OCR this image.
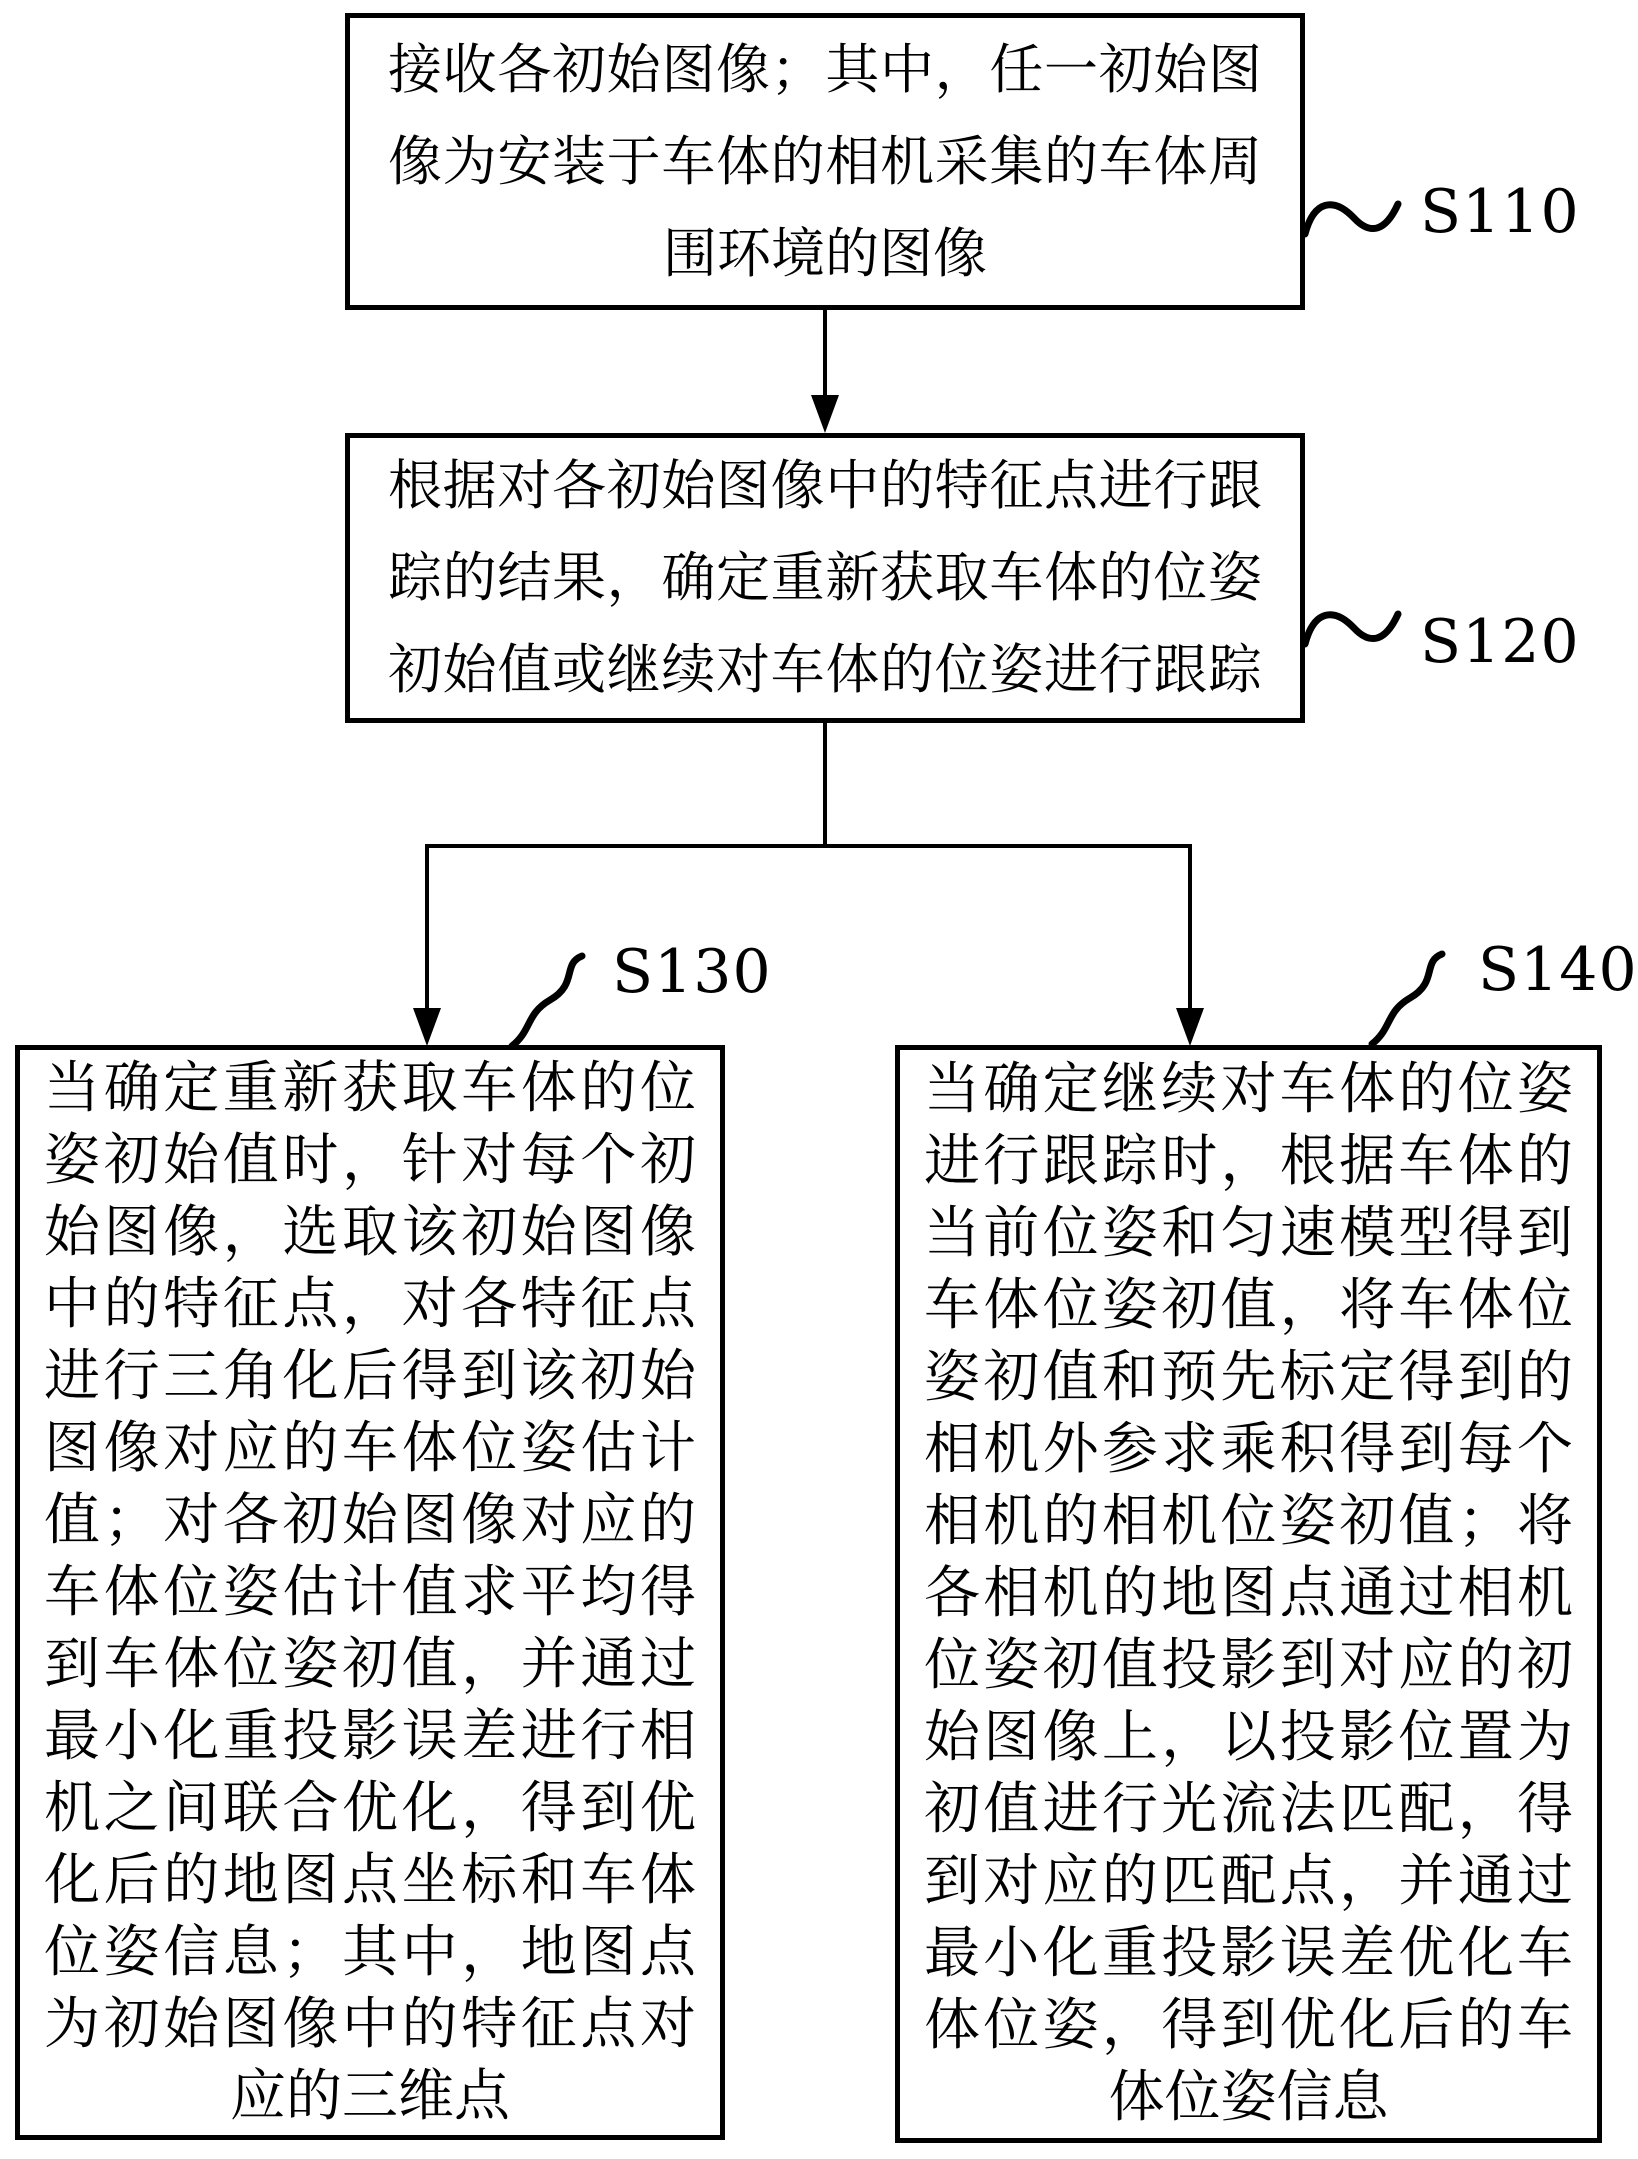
接收各初始图像；其中，任一初始图
像为安装于车体的相机采集的车体周
围环境的图像
S110
根据对各初始图像中的特征点进行跟
踪的结果，确定重新获取车体的位姿
初始值或继续对车体的位姿进行跟踪	S120
S130	S140
当确定重新获取车体的位
姿初始值时，针对每个初
始图像，选取该初始图像
中的特征点，对各特征点
进行三角化后得到该初始
图像对应的车体位姿估计
值；对各初始图像对应的
车体位姿估计值求平均得
到车体位姿初值，并通过
最小化重投影误差进行相
机之间联合优化，得到优
化后的地图点坐标和车体
位姿信息；其中，地图点
为初始图像中的特征点对
应的三维点
当确定继续对车体的位姿
进行跟踪时，根据车体的
当前位姿和匀速模型得到
车体位姿初值，将车体位
姿初值和预先标定得到的
相机外参求乘积得到每个
相机的相机位姿初值；将
各相机的地图点通过相机
位姿初值投影到对应的初
始图像上，以投影位置为
初值进行光流法匹配，得
到对应的匹配点，并通过
最小化重投影误差优化车
体位姿，得到优化后的车
体位姿信息
